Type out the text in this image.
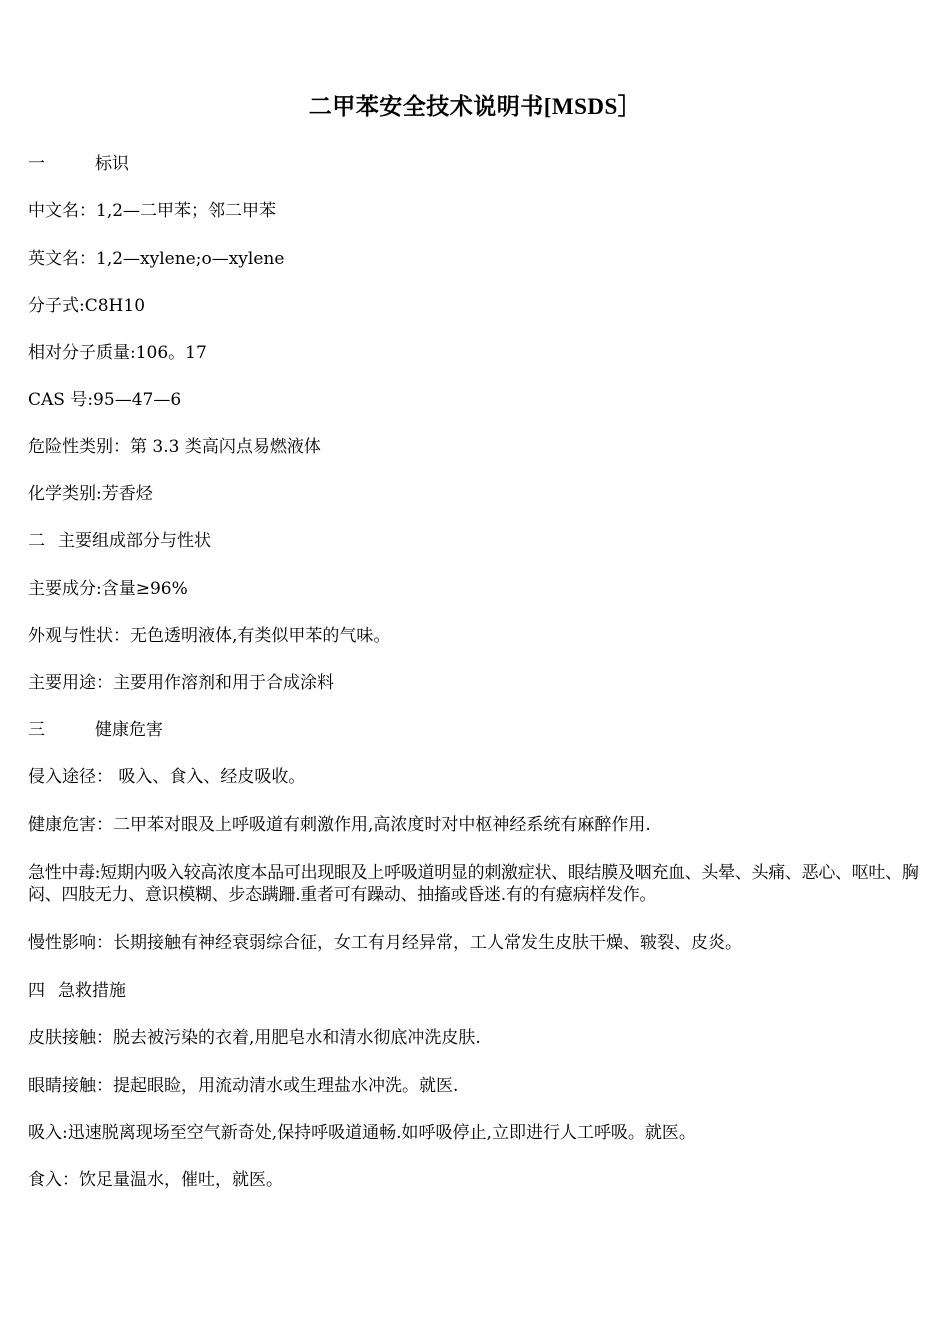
二甲苯安全技术说明书[MSDS］
一	标识
中文名：1,2—二甲苯；邻二甲苯
英文名：1,2—xylene;o—xylene
分子式:C8H10
相对分子质量:106。17
CAS 号:95—47—6
危险性类别：第 3.3 类高闪点易燃液体
化学类别:芳香烃
二 主要组成部分与性状
主要成分:含量≥96%
外观与性状：无色透明液体,有类似甲苯的气味。
主要用途：主要用作溶剂和用于合成涂料
三	健康危害
侵入途径： 吸入、食入、经皮吸收。
健康危害：二甲苯对眼及上呼吸道有刺激作用,高浓度时对中枢神经系统有麻醉作用.
急性中毒:短期内吸入较高浓度本品可出现眼及上呼吸道明显的刺激症状、眼结膜及咽充血、头晕、头痛、恶心、呕吐、胸闷、四肢无力、意识模糊、步态蹒跚.重者可有躁动、抽搐或昏迷.有的有癔病样发作。
慢性影响：长期接触有神经衰弱综合征，女工有月经异常，工人常发生皮肤干燥、皲裂、皮炎。
四 急救措施
皮肤接触：脱去被污染的衣着,用肥皂水和清水彻底冲洗皮肤.
眼睛接触：提起眼睑，用流动清水或生理盐水冲洗。就医.
吸入:迅速脱离现场至空气新奇处,保持呼吸道通畅.如呼吸停止,立即进行人工呼吸。就医。
食入：饮足量温水，催吐，就医。
